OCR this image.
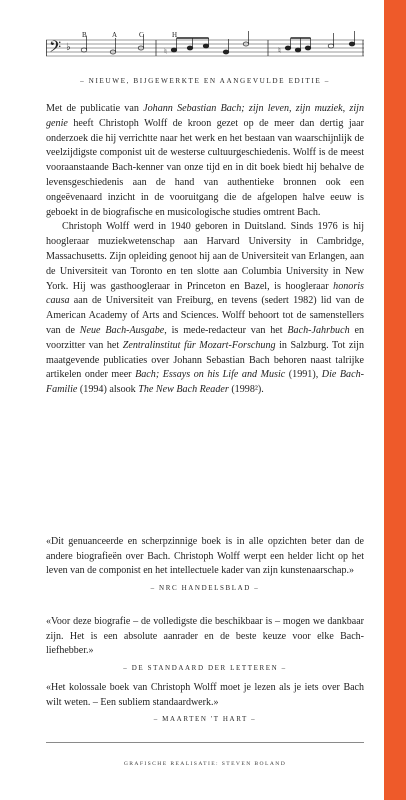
𝄢 ♭
B	A	C	H
♮	♮
– NIEUWE, BIJGEWERKTE EN AANGEVULDE EDITIE –

Met de publicatie van Johann Sebastian Bach; zijn leven, zijn muziek, zijn genie heeft Christoph Wolff de kroon gezet op de meer dan dertig jaar onderzoek die hij verrichtte naar het werk en het bestaan van waarschijnlijk de veelzijdigste componist uit de westerse cultuurgeschiedenis. Wolff is de meest vooraanstaande Bach-kenner van onze tijd en in dit boek biedt hij behalve de levensgeschiedenis aan de hand van authentieke bronnen ook een ongeëvenaard inzicht in de vooruitgang die de afgelopen halve eeuw is geboekt in de biografische en musicologische studies omtrent Bach.

Christoph Wolff werd in 1940 geboren in Duitsland. Sinds 1976 is hij hoogleraar muziekwetenschap aan Harvard University in Cambridge, Massachusetts. Zijn opleiding genoot hij aan de Universiteit van Erlangen, aan de Universiteit van Toronto en ten slotte aan Columbia University in New York. Hij was gasthoogleraar in Princeton en Bazel, is hoogleraar honoris causa aan de Universiteit van Freiburg, en tevens (sedert 1982) lid van de American Academy of Arts and Sciences. Wolff behoort tot de samenstellers van de Neue Bach-Ausgabe, is mede-redacteur van het Bach-Jahrbuch en voorzitter van het Zentralinstitut für Mozart-Forschung in Salzburg. Tot zijn maatgevende publicaties over Johann Sebastian Bach behoren naast talrijke artikelen onder meer Bach; Essays on his Life and Music (1991), Die Bach-Familie (1994) alsook The New Bach Reader (1998²).

«Dit genuanceerde en scherpzinnige boek is in alle opzichten beter dan de andere biografieën over Bach. Christoph Wolff werpt een helder licht op het leven van de componist en het intellectuele kader van zijn kunstenaarschap.»

– NRC HANDELSBLAD –

«Voor deze biografie – de volledigste die beschikbaar is – mogen we dankbaar zijn. Het is een absolute aanrader en de beste keuze voor elke Bach-liefhebber.»

– DE STANDAARD DER LETTEREN –

«Het kolossale boek van Christoph Wolff moet je lezen als je iets over Bach wilt weten. – Een subliem standaardwerk.»

– MAARTEN 'T HART –
GRAFISCHE REALISATIE: STEVEN BOLAND
